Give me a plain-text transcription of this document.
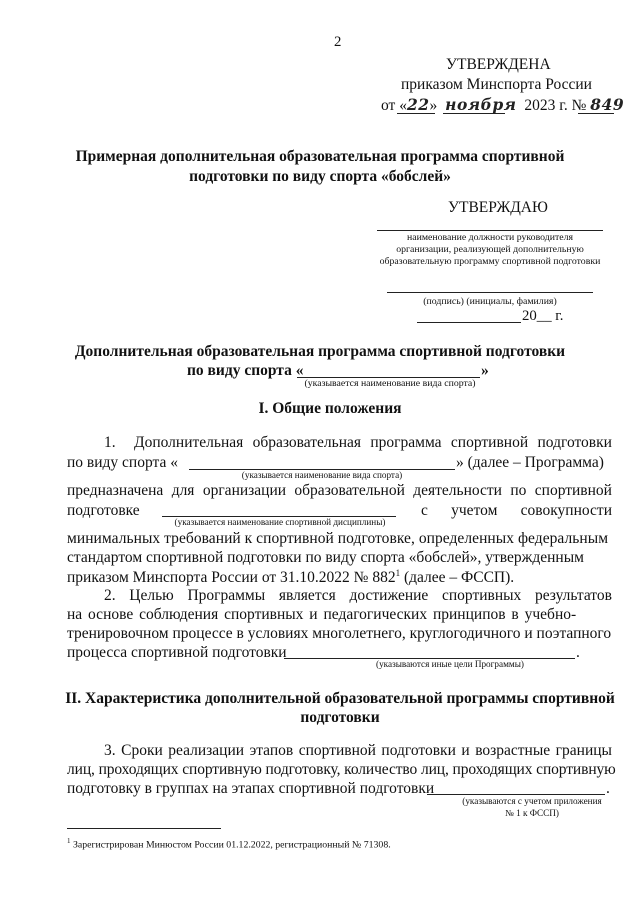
2
УТВЕРЖДЕНА
приказом Минспорта России
от «22» ноября 2023 г. № 849
Примерная дополнительная образовательная программа спортивной
подготовки по виду спорта «бобслей»
УТВЕРЖДАЮ
наименование должности руководителя
организации, реализующей дополнительную
образовательную программу спортивной подготовки
(подпись) (инициалы, фамилия)
20__ г.
Дополнительная образовательная программа спортивной подготовки
по виду спорта «	»
(указывается наименование вида спорта)
I. Общие положения
1. Дополнительная образовательная программа спортивной подготовки
по виду спорта «	» (далее – Программа)
(указывается наименование вида спорта)
предназначена для организации образовательной деятельности по спортивной
подготовке	с учетом совокупности
(указывается наименование спортивной дисциплины)
минимальных требований к спортивной подготовке, определенных федеральным
стандартом спортивной подготовки по виду спорта «бобслей», утвержденным
приказом Минспорта России от 31.10.2022 № $882^1$ (далее – ФССП).
2. Целью Программы является достижение спортивных результатов
на основе соблюдения спортивных и педагогических принципов в учебно-
тренировочном процессе в условиях многолетнего, круглогодичного и поэтапного
процесса спортивной подготовки	.
(указываются иные цели Программы)
II. Характеристика дополнительной образовательной программы спортивной
подготовки
3. Сроки реализации этапов спортивной подготовки и возрастные границы
лиц, проходящих спортивную подготовку, количество лиц, проходящих спортивную
подготовку в группах на этапах спортивной подготовки	.
(указываются с учетом приложения
№ 1 к ФССП)
$^1$ Зарегистрирован Минюстом России 01.12.2022, регистрационный № 71308.
